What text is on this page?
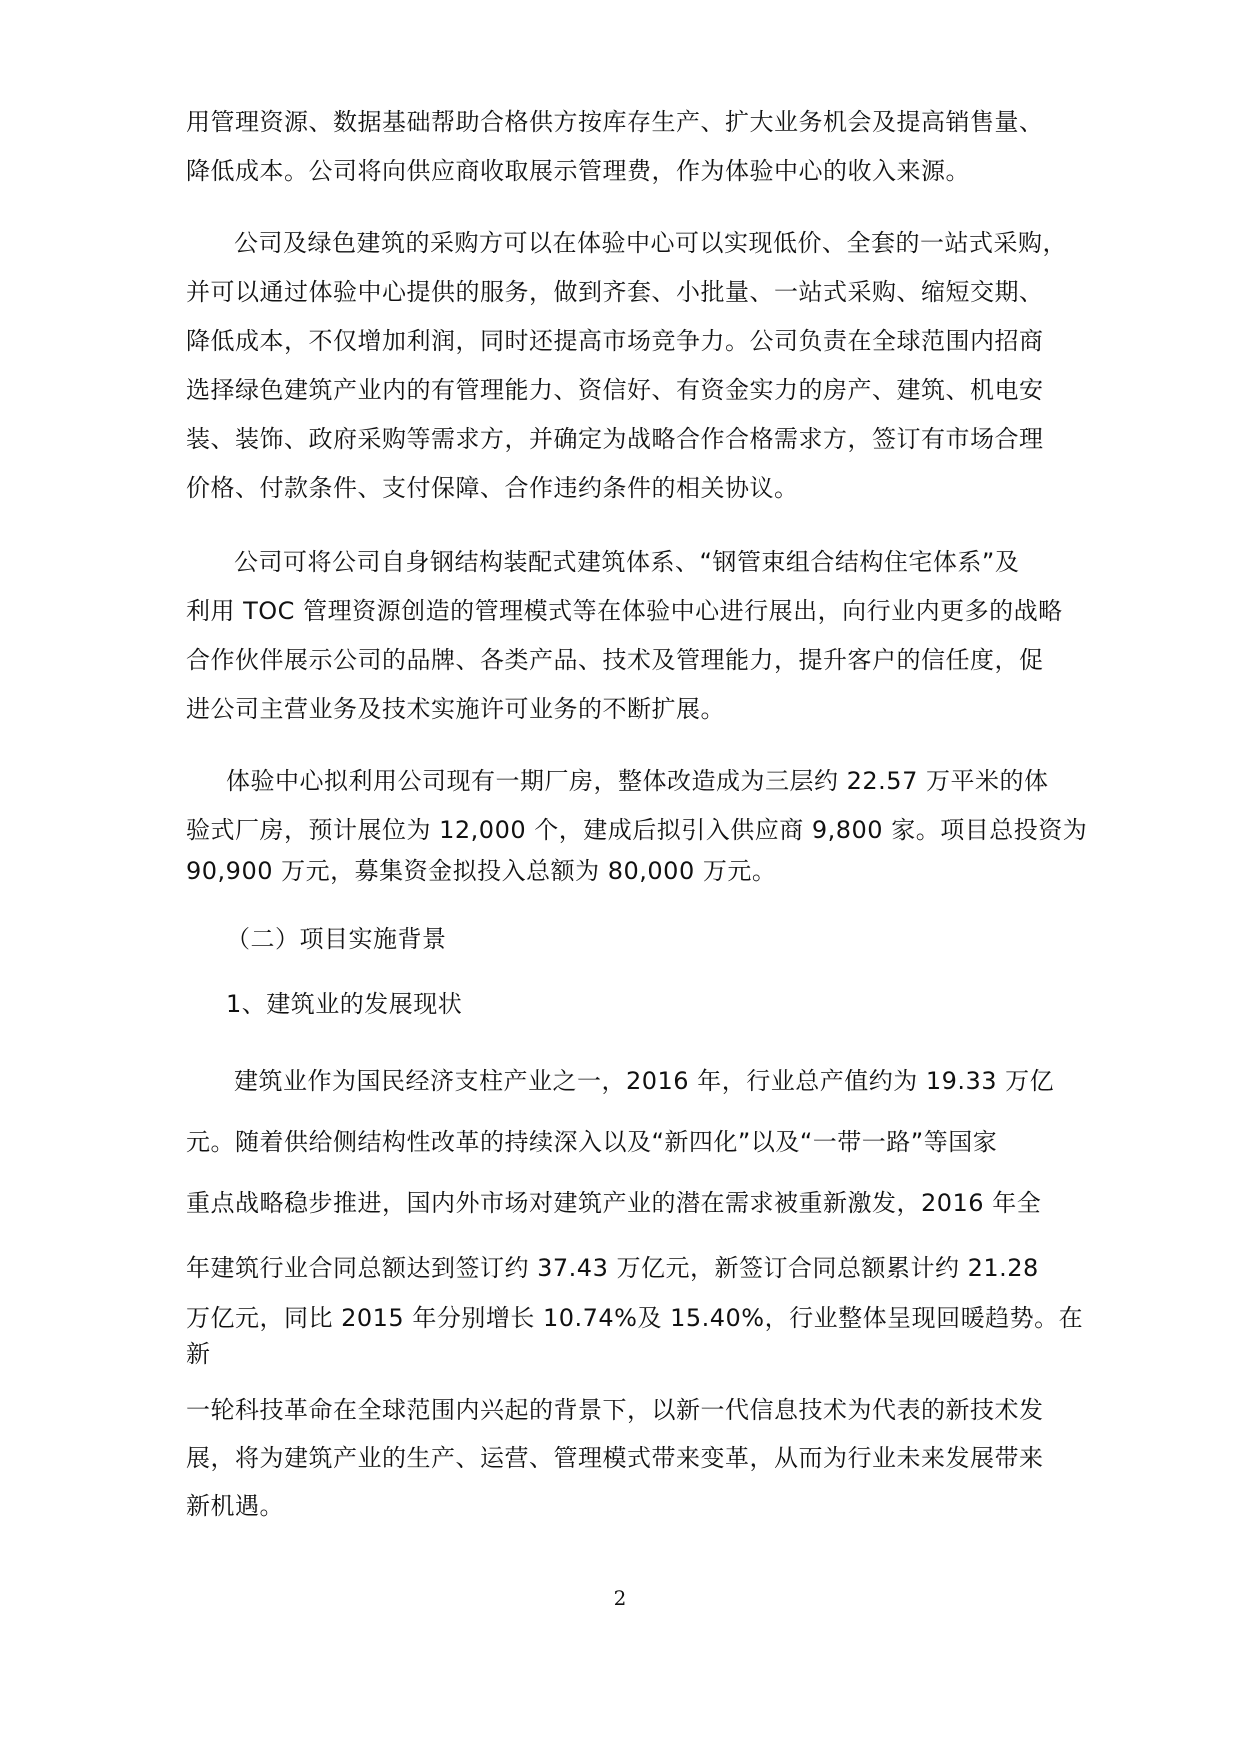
用管理资源、数据基础帮助合格供方按库存生产、扩大业务机会及提高销售量、
降低成本。公司将向供应商收取展示管理费，作为体验中心的收入来源。
公司及绿色建筑的采购方可以在体验中心可以实现低价、全套的一站式采购，
并可以通过体验中心提供的服务，做到齐套、小批量、一站式采购、缩短交期、
降低成本，不仅增加利润，同时还提高市场竞争力。公司负责在全球范围内招商
选择绿色建筑产业内的有管理能力、资信好、有资金实力的房产、建筑、机电安
装、装饰、政府采购等需求方，并确定为战略合作合格需求方，签订有市场合理
价格、付款条件、支付保障、合作违约条件的相关协议。
公司可将公司自身钢结构装配式建筑体系、“钢管束组合结构住宅体系”及
利用 TOC 管理资源创造的管理模式等在体验中心进行展出，向行业内更多的战略
合作伙伴展示公司的品牌、各类产品、技术及管理能力，提升客户的信任度，促
进公司主营业务及技术实施许可业务的不断扩展。
体验中心拟利用公司现有一期厂房，整体改造成为三层约 22.57 万平米的体
验式厂房，预计展位为 12,000 个，建成后拟引入供应商 9,800 家。项目总投资为
90,900 万元，募集资金拟投入总额为 80,000 万元。
（二）项目实施背景
1、建筑业的发展现状
建筑业作为国民经济支柱产业之一，2016 年，行业总产值约为 19.33 万亿
元。随着供给侧结构性改革的持续深入以及“新四化”以及“一带一路”等国家
重点战略稳步推进，国内外市场对建筑产业的潜在需求被重新激发，2016 年全
年建筑行业合同总额达到签订约 37.43 万亿元，新签订合同总额累计约 21.28
万亿元，同比 2015 年分别增长 10.74%及 15.40%，行业整体呈现回暖趋势。在
新
一轮科技革命在全球范围内兴起的背景下，以新一代信息技术为代表的新技术发
展，将为建筑产业的生产、运营、管理模式带来变革，从而为行业未来发展带来
新机遇。
2
